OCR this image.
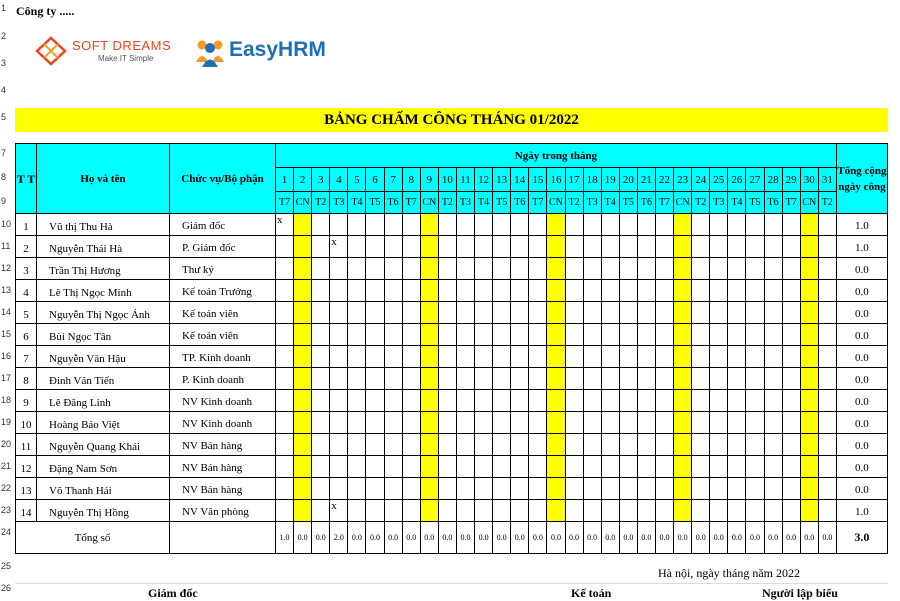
1
2
3
4
5
7
8
9
10
11
12
13
14
15
16
17
18
19
20
21
22
23
24
25
26
Công ty .....
SOFT DREAMS
Make IT Simple	EasyHRM
BẢNG CHẤM CÔNG THÁNG 01/2022
T T	Họ và tên	Chức vụ/Bộ phận	Ngày trong tháng																															Tổng cộng ngày công
			1	2	3	4	5	6	7	8	9	10	11	12	13	14	15	16	17	18	19	20	21	22	23	24	25	26	27	28	29	30	31	
			T7	CN	T2	T3	T4	T5	T6	T7	CN	T2	T3	T4	T5	T6	T7	CN	T2	T3	T4	T5	T6	T7	CN	T2	T3	T4	T5	T6	T7	CN	T2	
1	Vũ thị Thu Hà	Giám đốc	x																															1.0
2	Nguyễn Thái Hà	P. Giám đốc				x																												1.0
3	Trần Thị Hương	Thư ký																																0.0
4	Lê Thị Ngọc Minh	Kế toán Trưởng																																0.0
5	Nguyễn Thị Ngọc Ánh	Kế toán viên																																0.0
6	Bùi Ngọc Tân	Kế toán viên																																0.0
7	Nguyễn Văn Hậu	TP. Kinh doanh																																0.0
8	Đinh Văn Tiến	P. Kinh doanh																																0.0
9	Lê Đăng Linh	NV Kinh doanh																																0.0
10	Hoàng Bảo Việt	NV Kinh doanh																																0.0
11	Nguyễn Quang Khải	NV Bán hàng																																0.0
12	Đặng Nam Sơn	NV Bán hàng																																0.0
13	Võ Thanh Hải	NV Bán hàng																																0.0
14	Nguyễn Thị Hồng	NV Văn phòng				x																												1.0
Tổng số			1.0	0.0	0.0	2.0	0.0	0.0	0.0	0.0	0.0	0.0	0.0	0.0	0.0	0.0	0.0	0.0	0.0	0.0	0.0	0.0	0.0	0.0	0.0	0.0	0.0	0.0	0.0	0.0	0.0	0.0	0.0	3.0
Hà nội, ngày tháng năm 2022
Giám đốc	Kế toán	Người lập biểu
